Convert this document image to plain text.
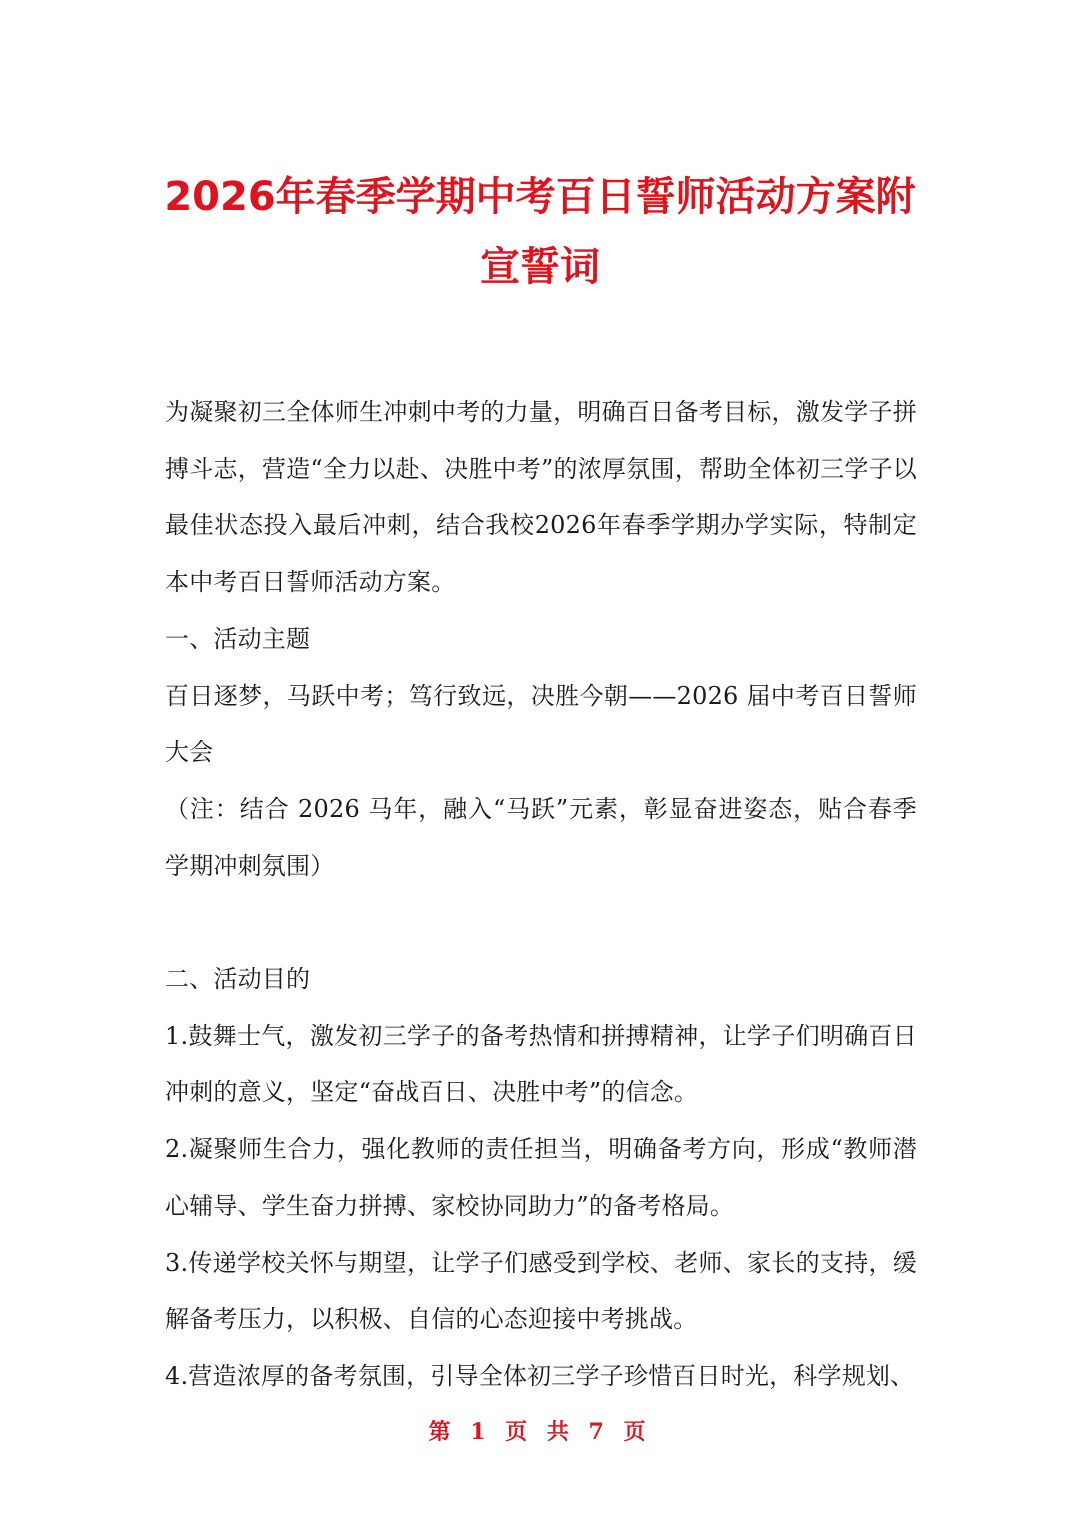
2026年春季学期中考百日誓师活动方案附
宣誓词

为凝聚初三全体师生冲刺中考的力量，明确百日备考目标，激发学子拼搏斗志，营造“全力以赴、决胜中考”的浓厚氛围，帮助全体初三学子以最佳状态投入最后冲刺，结合我校2026年春季学期办学实际，特制定本中考百日誓师活动方案。

一、活动主题

百日逐梦，马跃中考；笃行致远，决胜今朝——2026 届中考百日誓师大会

（注：结合 2026 马年，融入“马跃”元素，彰显奋进姿态，贴合春季学期冲刺氛围）

二、活动目的

1.鼓舞士气，激发初三学子的备考热情和拼搏精神，让学子们明确百日冲刺的意义，坚定“奋战百日、决胜中考”的信念。

2.凝聚师生合力，强化教师的责任担当，明确备考方向，形成“教师潜心辅导、学生奋力拼搏、家校协同助力”的备考格局。

3.传递学校关怀与期望，让学子们感受到学校、老师、家长的支持，缓解备考压力，以积极、自信的心态迎接中考挑战。

4.营造浓厚的备考氛围，引导全体初三学子珍惜百日时光，科学规划、

第 1 页 共 7 页
